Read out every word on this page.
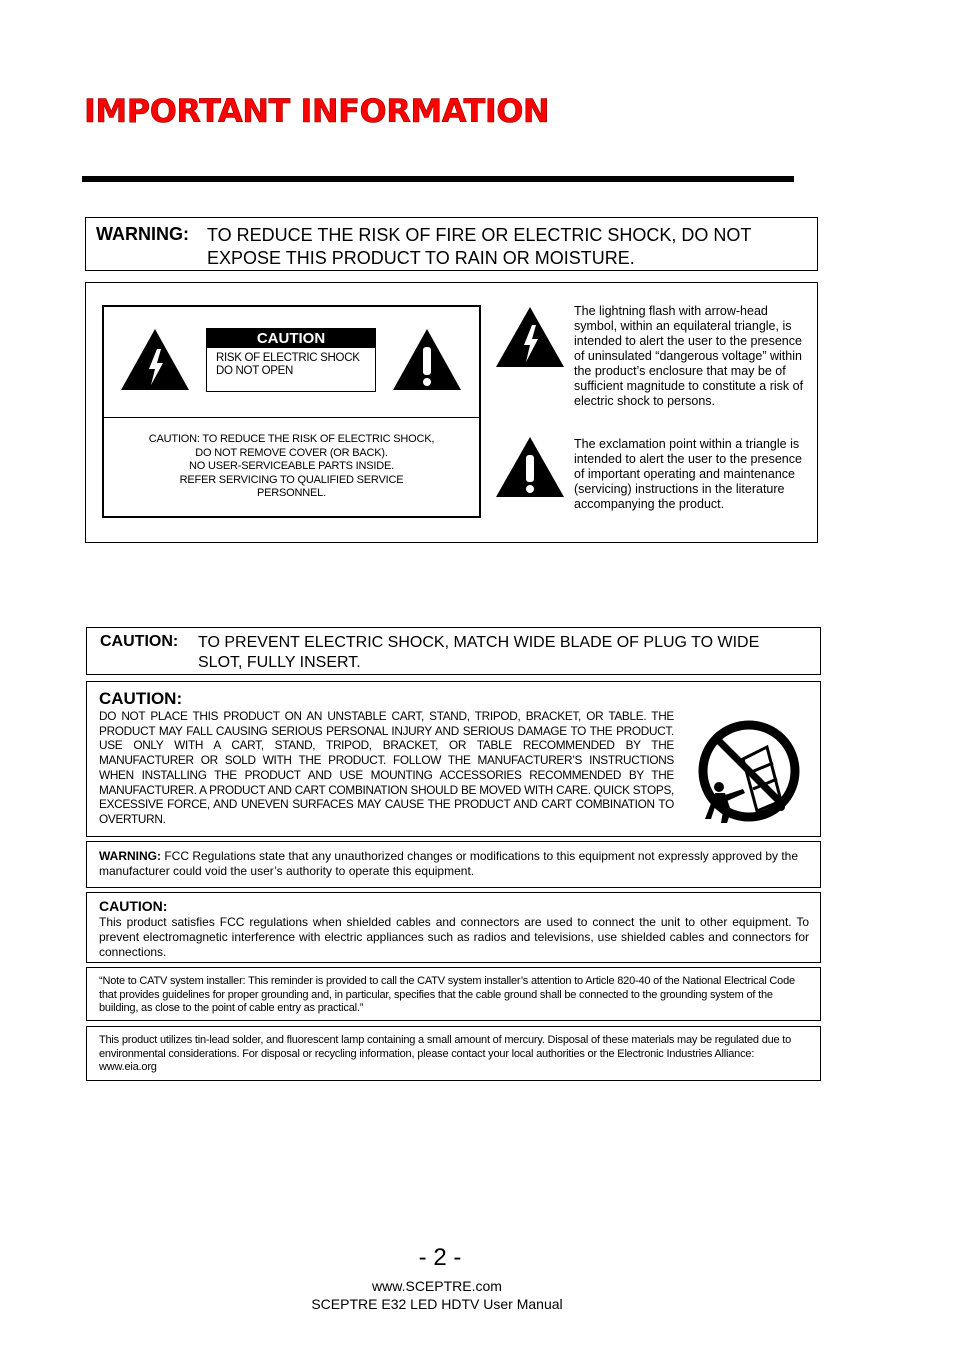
IMPORTANT INFORMATION
WARNING: TO REDUCE THE RISK OF FIRE OR ELECTRIC SHOCK, DO NOT EXPOSE THIS PRODUCT TO RAIN OR MOISTURE.
CAUTION: TO REDUCE THE RISK OF ELECTRIC SHOCK,
DO NOT REMOVE COVER (OR BACK).
NO USER-SERVICEABLE PARTS INSIDE.
REFER SERVICING TO QUALIFIED SERVICE
PERSONNEL.
CAUTION
RISK OF ELECTRIC SHOCK
DO NOT OPEN
The lightning flash with arrow-head symbol, within an equilateral triangle, is intended to alert the user to the presence of uninsulated “dangerous voltage” within the product’s enclosure that may be of sufficient magnitude to constitute a risk of electric shock to persons.
The exclamation point within a triangle is intended to alert the user to the presence of important operating and maintenance (servicing) instructions in the literature accompanying the product.
CAUTION: TO PREVENT ELECTRIC SHOCK, MATCH WIDE BLADE OF PLUG TO WIDE SLOT, FULLY INSERT.
CAUTION:
DO NOT PLACE THIS PRODUCT ON AN UNSTABLE CART, STAND, TRIPOD, BRACKET, OR TABLE. THE PRODUCT MAY FALL CAUSING SERIOUS PERSONAL INJURY AND SERIOUS DAMAGE TO THE PRODUCT. USE ONLY WITH A CART, STAND, TRIPOD, BRACKET, OR TABLE RECOMMENDED BY THE MANUFACTURER OR SOLD WITH THE PRODUCT. FOLLOW THE MANUFACTURER’S INSTRUCTIONS WHEN INSTALLING THE PRODUCT AND USE MOUNTING ACCESSORIES RECOMMENDED BY THE MANUFACTURER. A PRODUCT AND CART COMBINATION SHOULD BE MOVED WITH CARE. QUICK STOPS, EXCESSIVE FORCE, AND UNEVEN SURFACES MAY CAUSE THE PRODUCT AND CART COMBINATION TO OVERTURN.
WARNING: FCC Regulations state that any unauthorized changes or modifications to this equipment not expressly approved by the manufacturer could void the user’s authority to operate this equipment.
CAUTION:
This product satisfies FCC regulations when shielded cables and connectors are used to connect the unit to other equipment. To prevent electromagnetic interference with electric appliances such as radios and televisions, use shielded cables and connectors for connections.
“Note to CATV system installer: This reminder is provided to call the CATV system installer’s attention to Article 820-40 of the National Electrical Code that provides guidelines for proper grounding and, in particular, specifies that the cable ground shall be connected to the grounding system of the building, as close to the point of cable entry as practical.”
This product utilizes tin-lead solder, and fluorescent lamp containing a small amount of mercury. Disposal of these materials may be regulated due to environmental considerations. For disposal or recycling information, please contact your local authorities or the Electronic Industries Alliance: www.eia.org
- 2 -
www.SCEPTRE.com
SCEPTRE E32 LED HDTV User Manual
